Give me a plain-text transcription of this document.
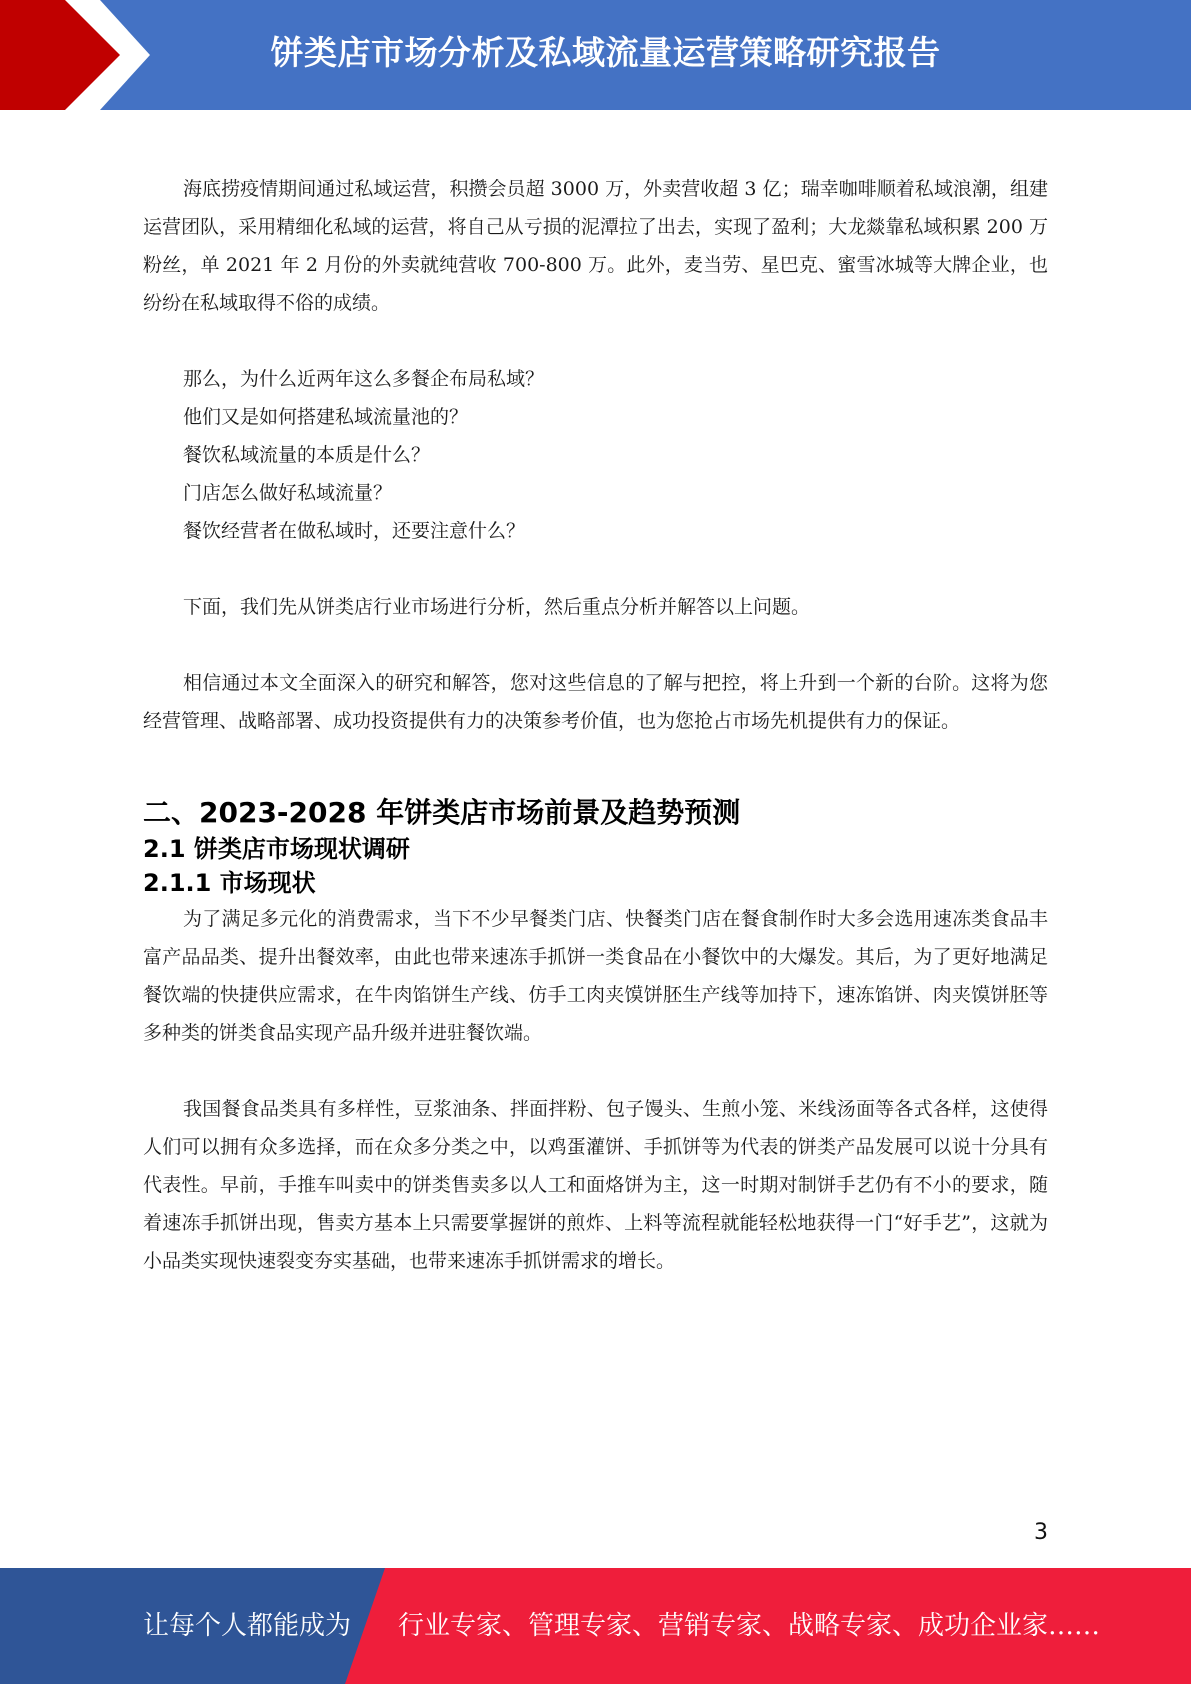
饼类店市场分析及私域流量运营策略研究报告

海底捞疫情期间通过私域运营，积攒会员超 3000 万，外卖营收超 3 亿；瑞幸咖啡顺着私域浪潮，组建运营团队，采用精细化私域的运营，将自己从亏损的泥潭拉了出去，实现了盈利；大龙燚靠私域积累 200 万粉丝，单 2021 年 2 月份的外卖就纯营收 700-800 万。此外，麦当劳、星巴克、蜜雪冰城等大牌企业，也纷纷在私域取得不俗的成绩。

那么，为什么近两年这么多餐企布局私域？

他们又是如何搭建私域流量池的？

餐饮私域流量的本质是什么？

门店怎么做好私域流量？

餐饮经营者在做私域时，还要注意什么？

下面，我们先从饼类店行业市场进行分析，然后重点分析并解答以上问题。

相信通过本文全面深入的研究和解答，您对这些信息的了解与把控，将上升到一个新的台阶。这将为您经营管理、战略部署、成功投资提供有力的决策参考价值，也为您抢占市场先机提供有力的保证。

二、2023-2028 年饼类店市场前景及趋势预测
2.1 饼类店市场现状调研
2.1.1 市场现状

为了满足多元化的消费需求，当下不少早餐类门店、快餐类门店在餐食制作时大多会选用速冻类食品丰富产品品类、提升出餐效率，由此也带来速冻手抓饼一类食品在小餐饮中的大爆发。其后，为了更好地满足餐饮端的快捷供应需求，在牛肉馅饼生产线、仿手工肉夹馍饼胚生产线等加持下，速冻馅饼、肉夹馍饼胚等多种类的饼类食品实现产品升级并进驻餐饮端。

我国餐食品类具有多样性，豆浆油条、拌面拌粉、包子馒头、生煎小笼、米线汤面等各式各样，这使得人们可以拥有众多选择，而在众多分类之中，以鸡蛋灌饼、手抓饼等为代表的饼类产品发展可以说十分具有代表性。早前，手推车叫卖中的饼类售卖多以人工和面烙饼为主，这一时期对制饼手艺仍有不小的要求，随着速冻手抓饼出现，售卖方基本上只需要掌握饼的煎炸、上料等流程就能轻松地获得一门“好手艺”，这就为小品类实现快速裂变夯实基础，也带来速冻手抓饼需求的增长。

3
让每个人都能成为 行业专家、管理专家、营销专家、战略专家、成功企业家……
